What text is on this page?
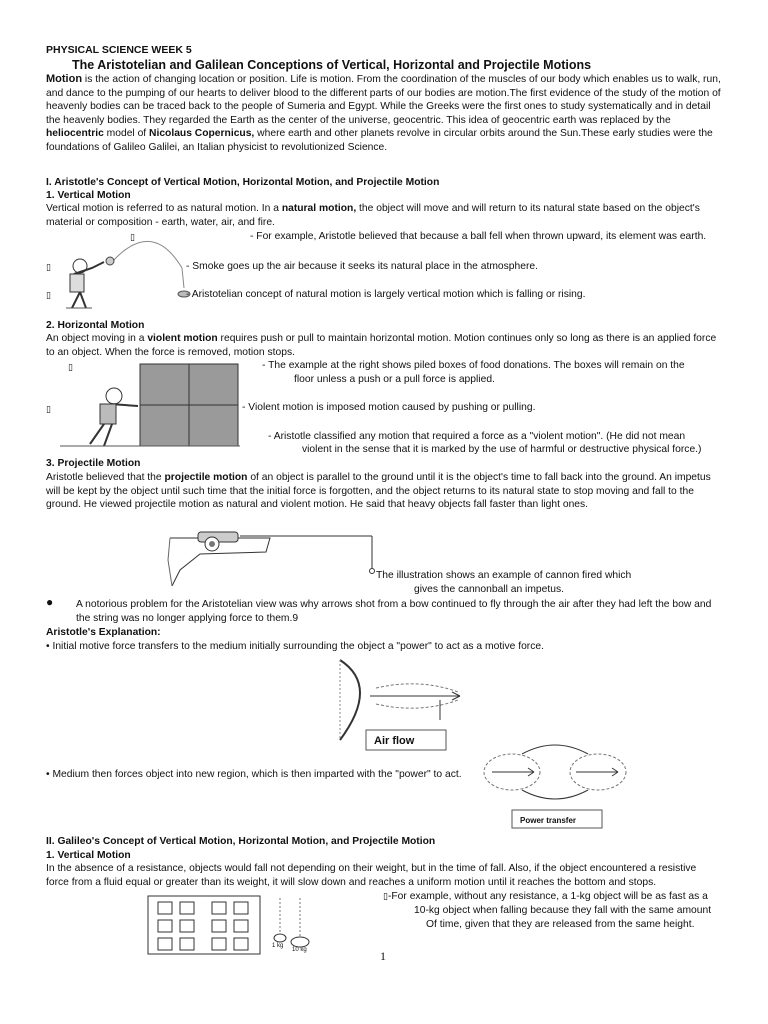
PHYSICAL SCIENCE WEEK 5
The Aristotelian and Galilean Conceptions of Vertical, Horizontal and Projectile Motions

Motion is the action of changing location or position. Life is motion. From the coordination of the muscles of our body which enables us to walk, run, and dance to the pumping of our hearts to deliver blood to the different parts of our bodies are motion.The first evidence of the study of the motion of heavenly bodies can be traced back to the people of Sumeria and Egypt. While the Greeks were the first ones to study systematically and in detail the heavenly bodies. They regarded the Earth as the center of the universe, geocentric. This idea of geocentric earth was replaced by the heliocentric model of Nicolaus Copernicus, where earth and other planets revolve in circular orbits around the Sun.These early studies were the foundations of Galileo Galilei, an Italian physicist to revolutionized Science.

I. Aristotle's Concept of Vertical Motion, Horizontal Motion, and Projectile Motion
1. Vertical Motion

Vertical motion is referred to as natural motion. In a natural motion, the object will move and will return to its natural state based on the object's material or composition - earth, water, air, and fire.

▯	- For example, Aristotle believed that because a ball fell when thrown upward, its element was earth.
▯	- Smoke goes up the air because it seeks its natural place in the atmosphere.
▯	- Aristotelian concept of natural motion is largely vertical motion which is falling or rising.
2. Horizontal Motion

An object moving in a violent motion requires push or pull to maintain horizontal motion. Motion continues only so long as there is an applied force to an object. When the force is removed, motion stops.

▯	- The example at the right shows piled boxes of food donations. The boxes will remain on the
floor unless a push or a pull force is applied.
▯	- Violent motion is imposed motion caused by pushing or pulling.
- Aristotle classified any motion that required a force as a "violent motion". (He did not mean
violent in the sense that it is marked by the use of harmful or destructive physical force.)
3. Projectile Motion

Aristotle believed that the projectile motion of an object is parallel to the ground until it is the object's time to fall back into the ground. An impetus will be kept by the object until such time that the initial force is forgotten, and the object returns to its natural state to stop moving and fall to the ground. He viewed projectile motion as natural and violent motion. He said that heavy objects fall faster than light ones.

The illustration shows an example of cannon fired which
gives the cannonball an impetus.
● A notorious problem for the Aristotelian view was why arrows shot from a bow continued to fly through the air after they had left the bow and the string was no longer applying force to them.9

Aristotle's Explanation:
• Initial motive force transfers to the medium initially surrounding the object a "power" to act as a motive force.
Air flow
• Medium then forces object into new region, which is then imparted with the "power" to act.
Power transfer
II. Galileo's Concept of Vertical Motion, Horizontal Motion, and Projectile Motion
1. Vertical Motion

In the absence of a resistance, objects would fall not depending on their weight, but in the time of fall. Also, if the object encountered a resistive force from a fluid equal or greater than its weight, it will slow down and reaches a uniform motion until it reaches the bottom and stops.

1 kg
10 kg
▯-For example, without any resistance, a 1-kg object will be as fast as a
10-kg object when falling because they fall with the same amount
Of time, given that they are released from the same height.
1
